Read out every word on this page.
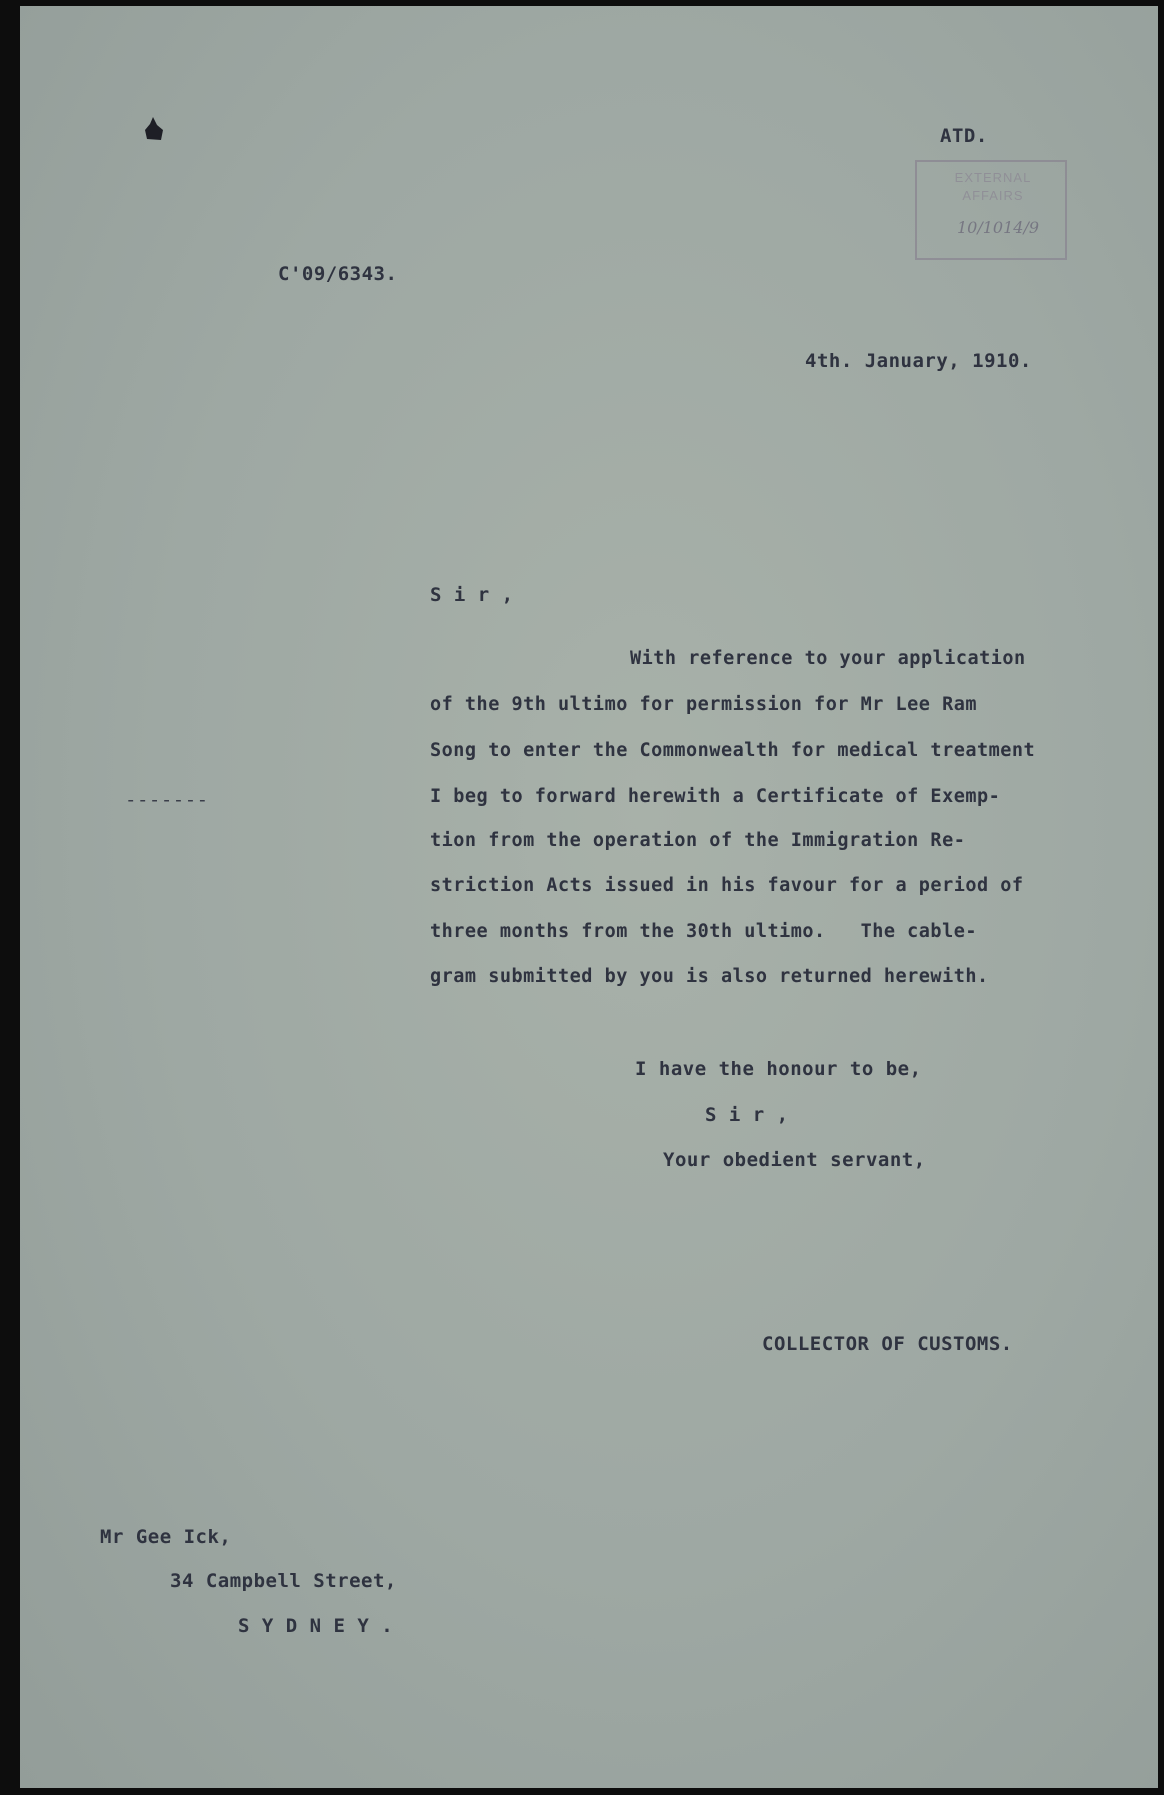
ATD.
EXTERNAL
AFFAIRS
10/1014/9
C'09/6343.
4th. January, 1910.
S i r ,
-------
With reference to your application
of the 9th ultimo for permission for Mr Lee Ram
Song to enter the Commonwealth for medical treatment
I beg to forward herewith a Certificate of Exemp-
tion from the operation of the Immigration Re-
striction Acts issued in his favour for a period of
three months from the 30th ultimo.   The cable-
gram submitted by you is also returned herewith.
I have the honour to be,
S i r ,
Your obedient servant,
COLLECTOR OF CUSTOMS.
Mr Gee Ick,
34 Campbell Street,
S Y D N E Y .
